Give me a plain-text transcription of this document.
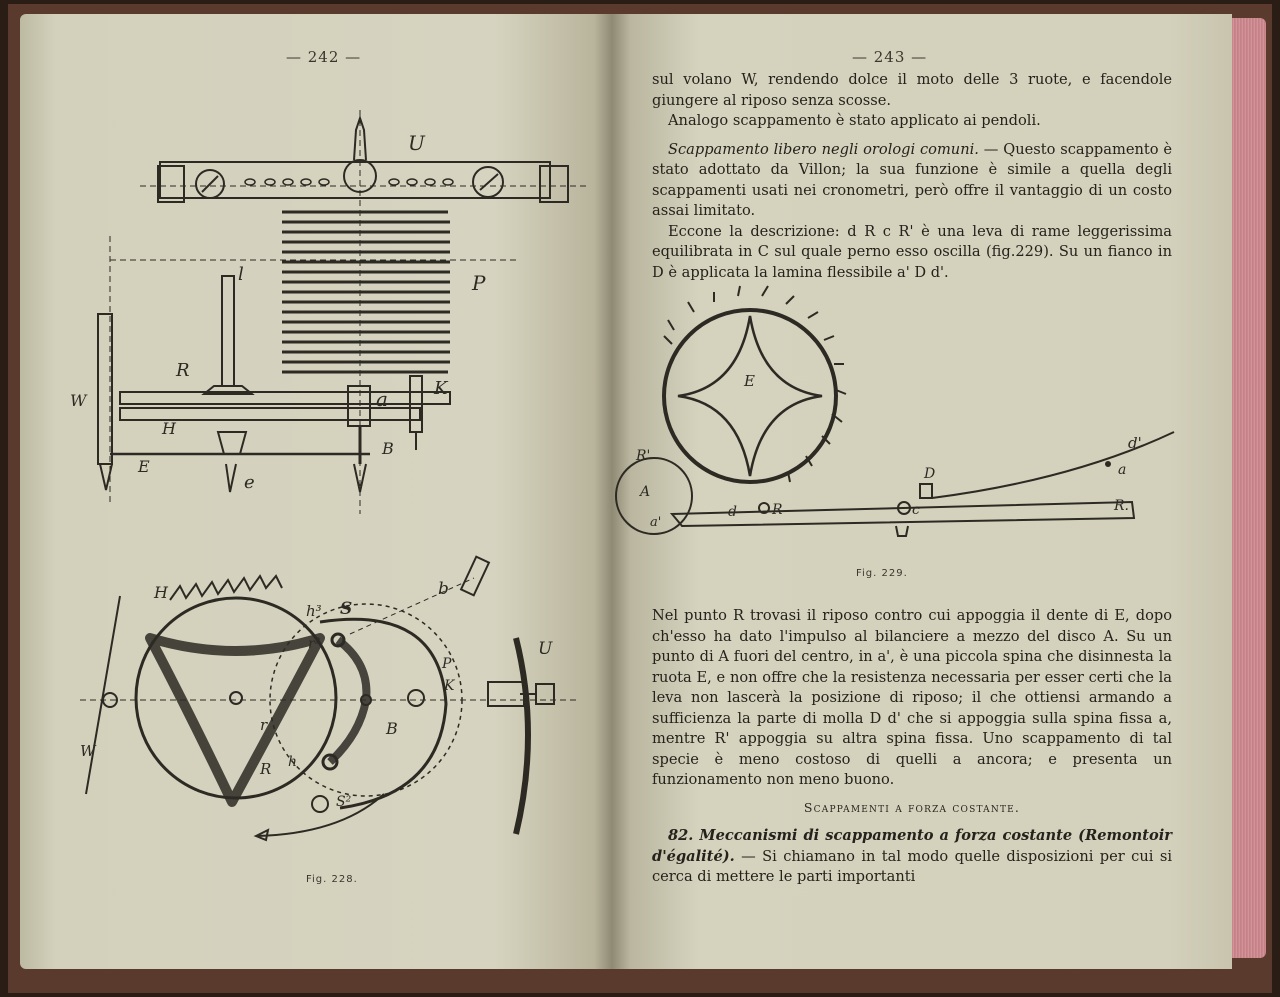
— 242 —
U
P
l
R
W
H
E
e
a	K
B
H
h³ S
b
r²	U
P
K
B
r
h
R
W
S²
Fig. 228.
— 243 —

sul volano W, rendendo dolce il moto delle 3 ruote, e facendole giungere al riposo senza scosse.

Analogo scappamento è stato applicato ai pendoli.

Scappamento libero negli orologi comuni. — Questo scappamento è stato adottato da Villon; la sua funzione è simile a quella degli scappamenti usati nei cronometri, però offre il vantaggio di un costo assai limitato.

Eccone la descrizione: d R c R' è una leva di rame leggerissima equilibrata in C sul quale perno esso oscilla (fig.229). Su un fianco in D è applicata la lamina flessibile a' D d'.

E
d'
a
D
A
R'
d	R	c	R.
a'
Fig. 229.

Nel punto R trovasi il riposo contro cui appoggia il dente di E, dopo ch'esso ha dato l'impulso al bilanciere a mezzo del disco A. Su un punto di A fuori del centro, in a', è una piccola spina che disinnesta la ruota E, e non offre che la resistenza necessaria per esser certi che la leva non lascerà la posizione di riposo; il che ottiensi armando a sufficienza la parte di molla D d' che si appoggia sulla spina fissa a, mentre R' appoggia su altra spina fissa. Uno scappamento di tal specie è meno costoso di quelli a ancora; e presenta un funzionamento non meno buono.

Scappamenti a forza costante.

82. Meccanismi di scappamento a forza costante (Remontoir d'égalité). — Si chiamano in tal modo quelle disposizioni per cui si cerca di mettere le parti importanti
